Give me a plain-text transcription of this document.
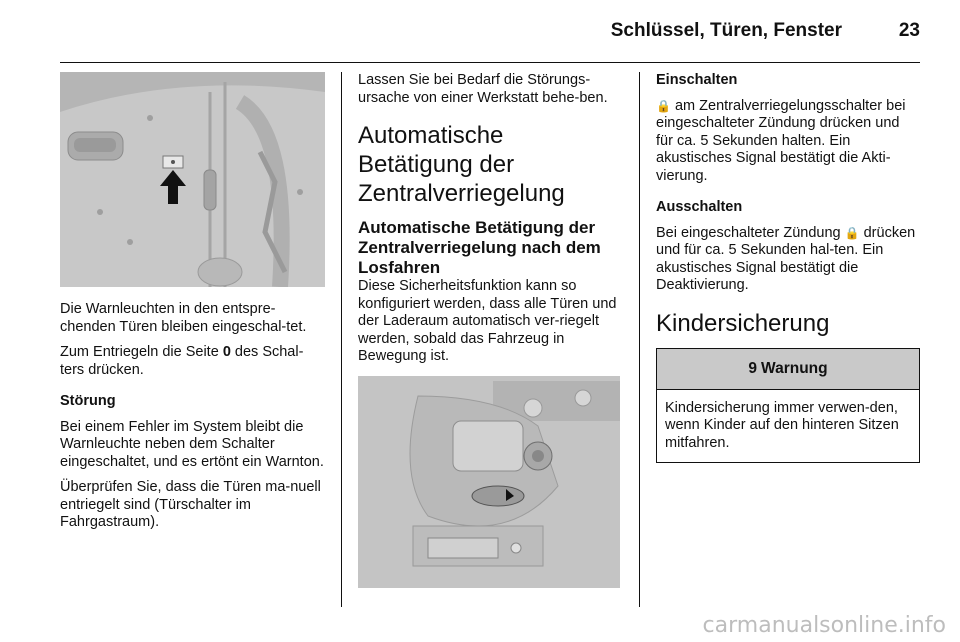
Schlüssel, Türen, Fenster	23

Die Warnleuchten in den entspre-chenden Türen bleiben eingeschal-tet.

Zum Entriegeln die Seite 0 des Schal-ters drücken.

Störung

Bei einem Fehler im System bleibt die Warnleuchte neben dem Schalter eingeschaltet, und es ertönt ein Warnton.

Überprüfen Sie, dass die Türen ma-nuell entriegelt sind (Türschalter im Fahrgastraum).

Lassen Sie bei Bedarf die Störungs-ursache von einer Werkstatt behe-ben.

Automatische Betätigung der Zentralverriegelung
Automatische Betätigung der Zentralverriegelung nach dem Losfahren

Diese Sicherheitsfunktion kann so konfiguriert werden, dass alle Türen und der Laderaum automatisch ver-riegelt werden, sobald das Fahrzeug in Bewegung ist.

Einschalten

🔒 am Zentralverriegelungsschalter bei eingeschalteter Zündung drücken und für ca. 5 Sekunden halten. Ein akustisches Signal bestätigt die Akti-vierung.

Ausschalten

Bei eingeschalteter Zündung 🔒 drücken und für ca. 5 Sekunden hal-ten. Ein akustisches Signal bestätigt die Deaktivierung.

Kindersicherung
9 Warnung
Kindersicherung immer verwen-den, wenn Kinder auf den hinteren Sitzen mitfahren.
carmanualsonline.info
